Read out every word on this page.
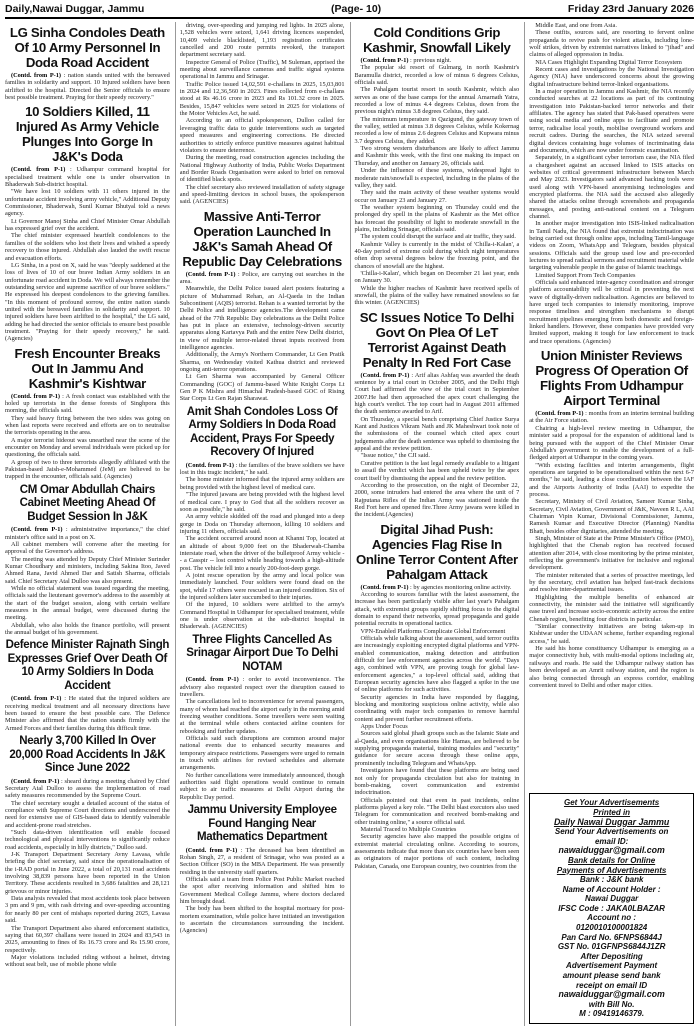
Daily,Nawai Duggar, Jammu	(Page- 10)	Friday 23rd January 2026
LG Sinha Condoles Death Of 10 Army Personnel In Doda Road Accident

(Contd. from P-1) : nation stands united with the bereaved families in solidarity and support. 10 Injured soldiers have been airlifted to the hospital. Directed the Senior officials to ensure best possible treatment. Praying for their speedy recovery."

10 Soldiers Killed, 11 Injured As Army Vehicle Plunges Into Gorge In J&K's Doda

(Contd. from P-1) : Udhampur command hospital for specialised treatment while one is under observation in Bhaderwah Sub-district hospital.

"We have lost 10 soldiers with 11 others injured in the unfortunate accident involving army vehicle," Additional Deputy Commissioner, Bhaderwah, Sunil Kumar Bhutyal told a news agency.

Lt Governor Manoj Sinha and Chief Minister Omar Abdullah has expressed grief over the accident.

The chief minister expressed heartfelt condolences to the families of the soldiers who lost their lives and wished a speedy recovery to those injured. Abdullah also lauded the swift rescue and evacuation efforts.

LG Sinha, in a post on X, said he was "deeply saddened at the loss of lives of 10 of our brave Indian Army soldiers in an unfortunate road accident in Doda. We will always remember the outstanding service and supreme sacrifice of our brave soldiers." He expressed his deepest condolences to the grieving families. "In this moment of profound sorrow, the entire nation stands united with the bereaved families in solidarity and support. 10 injured soldiers have been airlifted to the hospital," the LG said, adding he had directed the senior officials to ensure best possible treatment. "Praying for their speedy recovery," he said. (Agencies)

Fresh Encounter Breaks Out In Jammu And Kashmir's Kishtwar

(Contd. from P-1) : A fresh contact was established with the holed up terrorists in the dense forests of Singhpora this morning, the officials said.

They said heavy firing between the two sides was going on when last reports were received and efforts are on to neutralise the terrorists operating in the area.

A major terrorist hideout was unearthed near the scene of the encounter on Monday and several individuals were picked up for questioning, the officials said.

A group of two to three terrorists allegedly affiliated with the Pakistan-based Jaish-e-Mohammed (JeM) are believed to be trapped in the encounter, officials said. (Agencies)

CM Omar Abdullah Chairs Cabinet Meeting Ahead Of Budget Session In J&K

(Contd. from P-1) : administrative importance," the chief minister's office said in a post on X.

All cabinet members will convene after the meeting for approval of the Governor's address.

The meeting was attended by Deputy Chief Minister Surinder Kumar Choudhary and ministers, including Sakina Itoo, Javed Ahmed Rana, Javid Ahmed Dar and Satish Sharma, officials said. Chief Secretary Atal Dulloo was also present.

While no official statement was issued regarding the meeting, officials said the lieutenant governor's address to the assembly at the start of the budget session, along with certain welfare measures in the annual budget, were discussed during the meeting.

Abdullah, who also holds the finance portfolio, will present the annual budget of his government.

Defence Minister Rajnath Singh Expresses Grief Over Death Of 10 Army Soldiers In Doda Accident

(Contd. from P-1) : He stated that the injured soldiers are receiving medical treatment and all necessary directions have been issued to ensure the best possible care. The Defence Minister also affirmed that the nation stands firmly with the Armed Forces and their families during this difficult time.

Nearly 3,700 Killed In Over 20,000 Road Accidents In J&K Since June 2022

(Contd. from P-1) : sheard during a meeting chaired by Chief Secretary Atal Dulloo to assess the implementation of road safety measures recommended by the Supreme Court.

The chief secretary sought a detailed account of the status of compliance with Supreme Court directions and underscored the need for extensive use of GIS-based data to identify vulnerable and accident-prone road stretches.

"Such data-driven identification will enable focused technological and physical interventions to significantly reduce road accidents, especially in hilly districts," Dulloo said.

J-K Transport Department Secretary Avny Lavasa, while briefing the chief secretary, said since the operationalisation of the i-RAD portal in June 2022, a total of 20,131 road accidents involving 38,839 persons have been reported in the Union Territory. These accidents resulted in 3,686 fatalities and 28,121 grievous or minor injuries.

Data analysis revealed that most accidents took place between 3 pm and 9 pm, with rash driving and over-speeding accounting for nearly 80 per cent of mishaps reported during 2025, Lavasa said.

The Transport Department also shared enforcement statistics, saying that 60,397 challans were issued in 2024 and 83,543 in 2025, amounting to fines of Rs 16.73 crore and Rs 15.90 crore, respectively.

Major violations included riding without a helmet, driving without seat belt, use of mobile phone while

driving, over-speeding and jumping red lights. In 2025 alone, 1,528 vehicles were seized, 1,641 driving licences suspended, 10,409 vehicle blacklisted, 1,193 registration certificates cancelled and 200 route permits revoked, the transport department secretary said.

Inspector General of Police (Traffic), M Suleman, apprised the meeting about surveillance cameras and traffic signal systems operational in Jammu and Srinagar.

Traffic Police issued 14,02,591 e-challans in 2025, 15,03,801 in 2024 and 12,36,560 in 2023. Fines collected from e-challans stood at Rs 46.16 crore in 2023 and Rs 101.32 crore in 2025. Besides, 15,847 vehicles were seized in 2025 for violations of the Motor Vehicles Act, he said.

According to an official spokesperson, Dulloo called for leveraging traffic data to guide interventions such as targeted speed measures and engineering corrections. He directed authorities to strictly enforce punitive measures against habitual violators to ensure deterrence.

During the meeting, road construction agencies including the National Highway Authority of India, Public Works Department and Border Roads Organisation were asked to brief on removal of identified black spots.

The chief secretary also reviewed installation of safety signage and speed-limiting devices in school buses, the spokesperson said. (AGENCIES)

Massive Anti-Terror Operation Launched In J&K's Samah Ahead Of Republic Day Celebrations

(Contd. from P-1) : Police, are carrying out searches in the area.

Meanwhile, the Delhi Police issued alert posters featuring a picture of Muhammad Rehan, an Al-Qaeda in the Indian Subcontinent (AQIS) terrorist. Rehan is a wanted terrorist by the Delhi Police and intelligence agencies.The development came ahead of the 77th Republic Day celebrations as the Delhi Police has put in place an extensive, technology-driven security apparatus along Kartavya Path and the entire New Delhi district, in view of multiple terror-related threat inputs received from intelligence agencies.

Additionally, the Army's Northern Commander, Lt Gen Pratik Sharma, on Wednesday visited Kathua district and reviewed ongoing anti-terror operations.

Lt Gen Sharma was accompanied by General Officer Commanding (GOC) of Jammu-based White Knight Corps Lt Gen P K Mishra and Himachal Pradesh-based GOC of Rising Star Corps Lt Gen Rajan Sharawat.

Amit Shah Condoles Loss Of Army Soldiers In Doda Road Accident, Prays For Speedy Recovery Of Injured

(Contd. from P-1) : the families of the brave soldiers we have lost in this tragic incident," he said.

The home minister informed that the injured army soldiers are being provided with the highest level of medical care.

"The injured jawans are being provided with the highest level of medical care. I pray to God that all the soldiers recover as soon as possible," he said.

An army vehicle skidded off the road and plunged into a deep gorge in Doda on Thursday afternoon, killing 10 soldiers and injuring 11 others, officials said.

The accident occurred around noon at Khanni Top, located at an altitude of about 9,000 feet on the Bhaderwah-Chamba interstate road, when the driver of the bulletproof Army vehicle -- a Casspir -- lost control while heading towards a high-altitude post. The vehicle fell into a nearly 200-foot-deep gorge.

A joint rescue operation by the army and local police was immediately launched. Four soldiers were found dead on the spot, while 17 others were rescued in an injured condition. Six of the injured soldiers later succumbed to their injuries.

Of the injured, 10 soldiers were airlifted to the army's Command Hospital in Udhampur for specialised treatment, while one is under observation at the sub-district hospital in Bhaderwah. (AGENCIES)

Three Flights Cancelled As Srinagar Airport Due To Delhi NOTAM

(Contd. from P-1) : order to avoid inconvenience. The advisory also requested respect over the disruption caused to travellers.

The cancellations led to inconvenience for several passengers, many of whom had reached the airport early in the morning amid freezing weather conditions. Some travellers were seen waiting at the terminal while others contacted airline counters for rebooking and further updates.

Officials said such disruptions are common around major national events due to enhanced security measures and temporary airspace restrictions. Passengers were urged to remain in touch with airlines for revised schedules and alternate arrangements.

No further cancellations were immediately announced, though authorities said flight operations would continue to remain subject to air traffic measures at Delhi Airport during the Republic Day period.

Jammu University Employee Found Hanging Near Mathematics Department

(Contd. from P-1) : The deceased has been identified as Rohan Singh, 27, a resident of Srinagar, who was posted as a Section Officer (SO) in the MBA Department. He was presently residing in the university staff quarters.

Officials said a team from Police Post Public Market reached the spot after receiving information and shifted him to Government Medical College Jammu, where doctors declared him brought dead.

The body has been shifted to the hospital mortuary for post-mortem examination, while police have initiated an investigation to ascertain the circumstances surrounding the incident.(Agencies)

Cold Conditions Grip Kashmir, Snowfall Likely

(Contd. from P-1) : previous night.

The popular ski resort of Gulmarg, in north Kashmir's Baramulla district, recorded a low of minus 6 degrees Celsius, officials said.

The Pahalgam tourist resort in south Kashmir, which also serves as one of the base camps for the annual Amarnath Yatra, recorded a low of minus 4.4 degrees Celsius, down from the previous night's minus 3.8 degrees Celsius, they said.

The minimum temperature in Qazigund, the gateway town of the valley, settled at minus 3.8 degrees Celsius, while Kokernag recorded a low of minus 2.6 degrees Celsius and Kupwara minus 3.7 degrees Celsius, they added.

Two strong western disturbances are likely to affect Jammu and Kashmir this week, with the first one making its impact on Thursday, and another on January 26, officials said.

Under the influence of these systems, widespread light to moderate rain/snowfall is expected, including in the plains of the valley, they said.

They said the main activity of these weather systems would occur on January 23 and January 27.

The weather system beginning on Thursday could end the prolonged dry spell in the plains of Kashmir as the Met office has forecast the possibility of light to moderate snowfall in the plains, including Srinagar, officials said.

The system could disrupt the surface and air traffic, they said.

Kashmir Valley is currently in the midst of 'Chilla-i-Kalan', a 40-day period of extreme cold during which night temperatures often drop several degrees below the freezing point, and the chances of snowfall are the highest.

'Chilla-i-Kalan', which began on December 21 last year, ends on January 30.

While the higher reaches of Kashmir have received spells of snowfall, the plains of the valley have remained snowless so far this winter. (AGENCIES)

SC Issues Notice To Delhi Govt On Plea Of LeT Terrorist Against Death Penalty In Red Fort Case

(Contd. from P-1) : Arif alias Ashfaq was awarded the death sentence by a trial court in October 2005, and the Delhi High Court had affirmed the view of the trial court in September 2007.He had then approached the apex court challenging the high court's verdict. The top court had in August 2011 affirmed the death sentence awarded to Arif.

On Thursday, a special bench comprising Chief Justice Surya Kant and Justices Vikram Nath and JK Maheshwari took note of the submissions of the counsel which cited apex court judgements after the death sentence was upheld to dismissing the appeal and the review petition.

"Issue notice," the CJI said.

Curative petition is the last legal remedy available to a litigant to assail the verdict which has been upheld twice by the apex court itself by dismissing the appeal and the review petition.

According to the prosecution, on the night of December 22, 2000, some intruders had entered the area where the unit of 7 Rajputana Rifles of the Indian Army was stationed inside the Red Fort here and opened fire.Three Army jawans were killed in the incident.(Agencies)

Digital Jihad Push: Agencies Flag Rise In Online Terror Content After Pahalgam Attack

(Contd. from P-1) : by agencies monitoring online activity.

According to sources familiar with the latest assessment, the increase has been particularly visible after last year's Pahalgam attack, with extremist groups rapidly shifting focus to the digital domain to expand their networks, spread propaganda and guide potential recruits in operational tactics.

VPN-Enabled Platforms Complicate Global Enforcement

Officials while talking about the assessment, said terror outfits are increasingly exploiting encrypted digital platforms and VPN-enabled communication, making detection and attribution difficult for law enforcement agencies across the world. "Days ago, combined with VPN, are proving tough for global law-enforcement agencies," a top-level official said, adding that European security agencies have also flagged a spike in the use of online platforms for such activities.

Security agencies in India have responded by flagging, blocking and monitoring suspicious online activity, while also coordinating with major tech companies to remove harmful content and prevent further recruitment efforts.

Apps Under Focus

Sources said global jihadi groups such as the Islamic State and al-Qaeda, and even organisations like Hamas, are believed to be supplying propaganda material, training modules and "security" guidance for secure access through these online apps, prominently including Telegram and WhatsApp.

Investigators have found that these platforms are being used not only for propaganda circulation but also for training in bomb-making, covert communication and extremist indoctrination.

Officials pointed out that even in past incidents, online platforms played a key role. "The Delhi blast executors also used Telegram for communication and received bomb-making and other training online," a source official said.

Material Traced to Multiple Countries

Security agencies have also mapped the possible origins of extremist material circulating online. According to sources, assessments indicate that more than six countries have been seen as originators of major portions of such content, including Pakistan, Canada, one European country, two countries from the

Middle East, and one from Asia.

These outfits, sources said, are resorting to fervent online propaganda to revive push for violent attacks, including lone-wolf strikes, driven by extremist narratives linked to "jihad" and claims of alleged oppression in India.

NIA Cases Highlight Expanding Digital Terror Ecosystem

Recent cases and investigations by the National Investigation Agency (NIA) have underscored concerns about the growing digital infrastructure behind terror-linked organisations.

In a major operation in Jammu and Kashmir, the NIA recently conducted searches at 22 locations as part of its continuing investigation into Pakistan-backed terror networks and their affiliates. The agency has stated that Pak-based operatives were using social media and online apps to facilitate and promote terror, radicalise local youth, mobilise overground workers and recruit cadres. During the searches, the NIA seized several digital devices containing huge volumes of incriminating data and documents, which are now under forensic examination.

Separately, in a significant cyber terrorism case, the NIA filed a chargesheet against an accused linked to ISIS attacks on websites of critical government infrastructure between March and May 2023. Investigators said advanced hacking tools were used along with VPN-based anonymising technologies and encrypted platforms. the NIA said the accused also allegedly shared the attacks online through screenshots and propaganda messages, and posting anti-national content on a Telegram channel.

In another major investigation into ISIS-linked radicalisation in Tamil Nadu, the NIA found that extremist indoctrination was being carried out through online apps, including Tamil-language videos on Zoom, WhatsApp and Telegram, besides physical sessions. Officials said the group used low and pre-recorded lectures to spread radical sermons and recruitment material while targeting vulnerable people in the guise of Islamic teachings.

Limited Support From Tech Companies

Officials said enhanced inter-agency coordination and stronger platform accountability will be critical in preventing the next wave of digitally-driven radicalisation. Agencies are believed to have urged tech companies to intensify monitoring, improve response timelines and strengthen mechanisms to disrupt recruitment pipelines emerging from both domestic and foreign-linked handlers. However, these companies have provided very limited support, making it tough for law enforcement to track and trace operations. (Agencies)

Union Minister Reviews Progress Of Operation Of Flights From Udhampur Airport Terminal

(Contd. from P-1) : months from an interim terminal building at the Air Force station.

Chairing a high-level review meeting in Udhampur, the minister said a proposal for the expansion of additional land is being pursued with the support of the Chief Minister Omar Abdullah's government to enable the development of a full-fledged airport at Udhampur in the coming years.

"With existing facilities and interim arrangements, flight operations are targeted to be operationalised within the next 6-7 months," he said, leading a close coordination between the IAF and the Airports Authority of India (AAI) to expedite the process.

Secretary, Ministry of Civil Aviation, Sameer Kumar Sinha, Secretary, Civil Aviation, Government of J&K, Naveen R L, AAI Chairman Vipin Kumar, Divisional Commissioner, Jammu, Ramesh Kumar and Executive Director (Planning) Nandita Bhatt, besides other dignitaries, attended the meeting.

Singh, Minister of State at the Prime Minister's Office (PMO), highlighted that the Chenab region has received focused attention after 2014, with close monitoring by the prime minister, reflecting the government's initiative for inclusive and regional development.

The minister reiterated that a series of proactive meetings, led by the secretary, civil aviation has helped fast-track decisions and resolve inter-departmental issues.

Highlighting the multiple benefits of enhanced air connectivity, the minister said the initiative will significantly ease travel and increase socio-economic activity across the entire Chenab region, benefiting four districts in particular.

"Similar connectivity initiatives are being taken-up in Kishtwar under the UDAAN scheme, further expanding regional access," he said.

He said his home constituency Udhampur is emerging as a major connectivity hub, with multi-modal options including air, railways and roads. He said the Udhampur railway station has been developed as an Amrit railway station, and the region is also being connected through an express corridor, enabling convenient travel to Delhi and other major cities.

Get Your Advertisements
Printed in
Daily Nawai Duggar Jammu
Send Your Advertisements on
email ID:
nawaiduggar@gmail.com
Bank details for Online
Payments of Advertisements
Bank : J&K bank
Name of Account Holder :
Nawai Duggar
IFSC Code : JAKA0LBAZAR
Account no :
0120010100001824
Pan Card No. 6FNPS6844J
GST No. 01GFNPS6844J1ZR
After Depositing
Advertisement Payment
amount please send bank
receipt on email ID
nawaiduggar@gmail.com
with Bill No.
M : 09419146379.
